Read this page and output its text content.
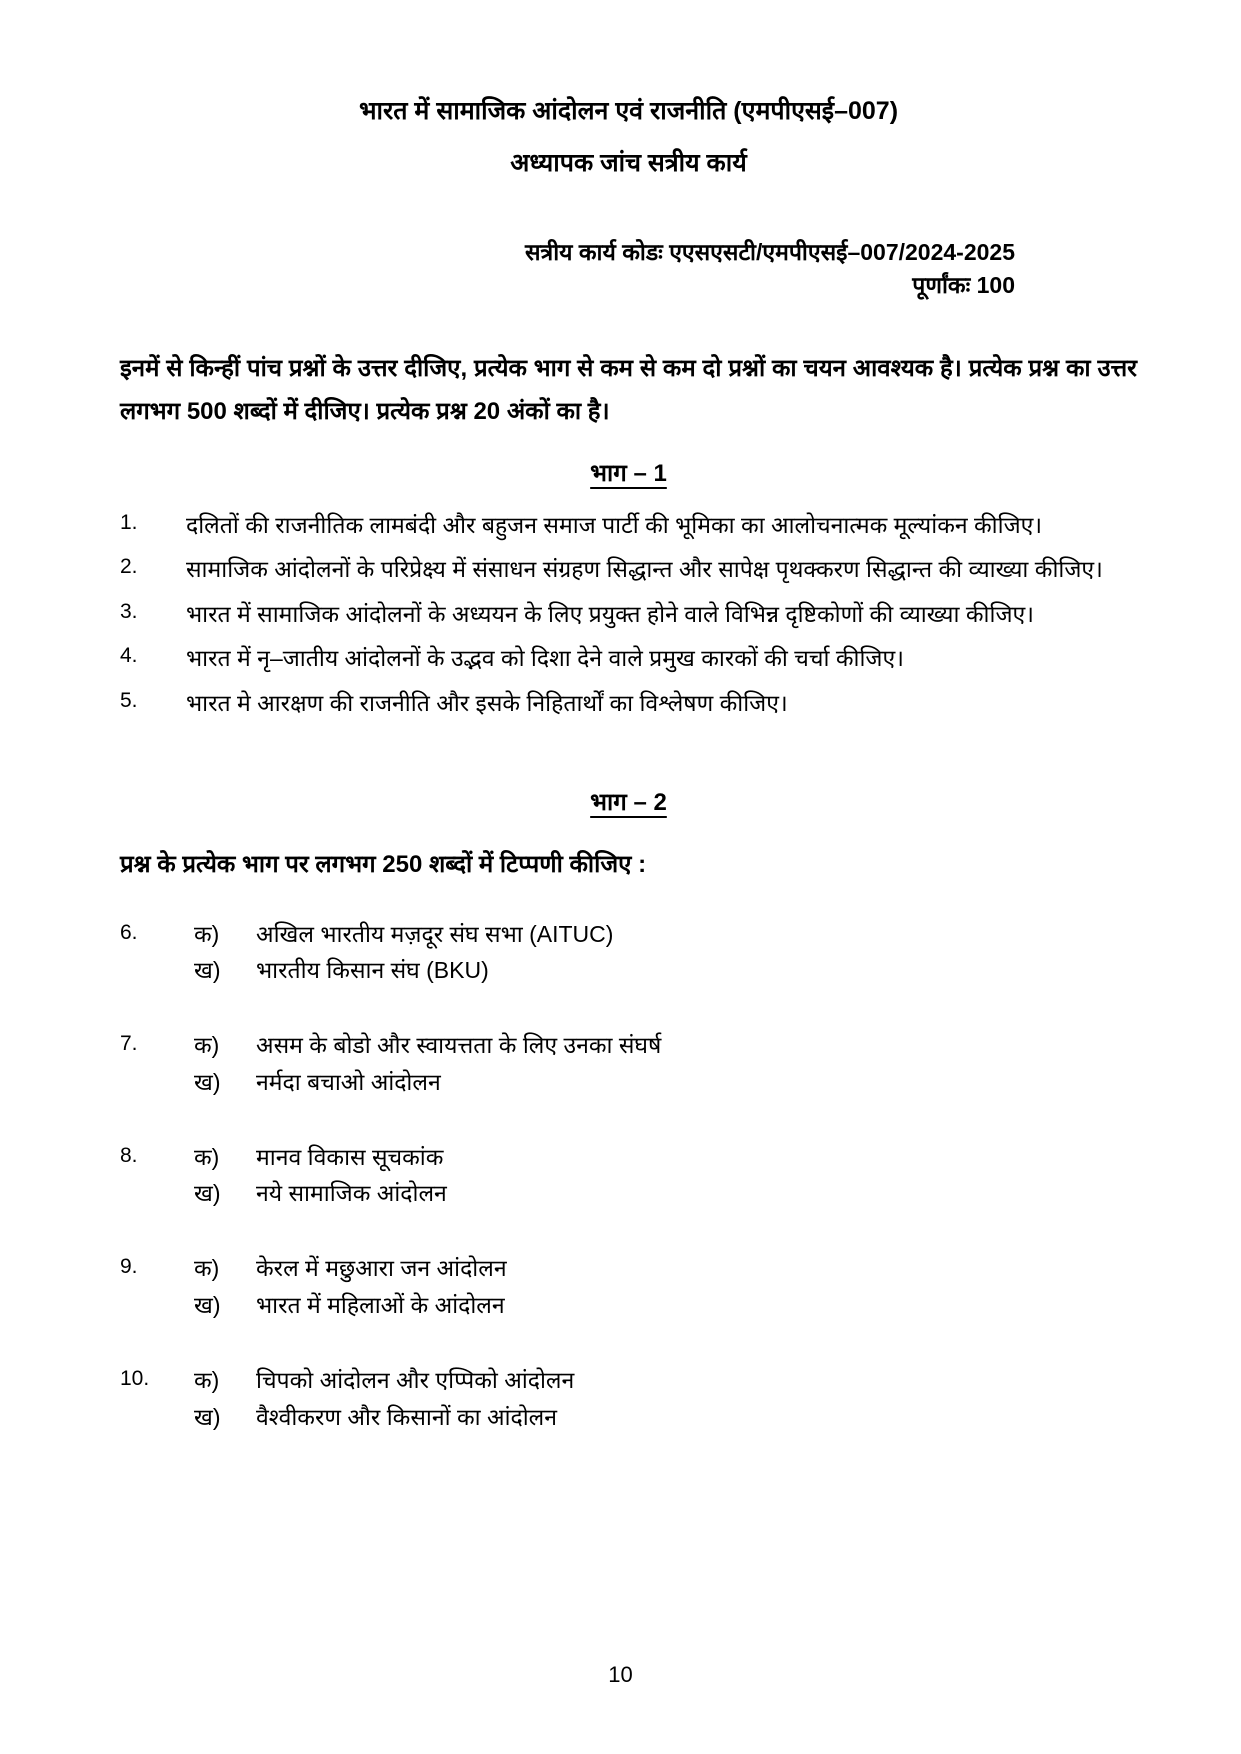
भारत में सामाजिक आंदोलन एवं राजनीति (एमपीएसई–007)
अध्यापक जांच सत्रीय कार्य
सत्रीय कार्य कोडः एएसएसटी/एमपीएसई–007/2024-2025
पूर्णांकः 100
इनमें से किन्हीं पांच प्रश्नों के उत्तर दीजिए, प्रत्येक भाग से कम से कम दो प्रश्नों का चयन आवश्यक है। प्रत्येक प्रश्न का उत्तर लगभग 500 शब्दों में दीजिए। प्रत्येक प्रश्न 20 अंकों का है।
भाग – 1
1.	दलितों की राजनीतिक लामबंदी और बहुजन समाज पार्टी की भूमिका का आलोचनात्मक मूल्यांकन कीजिए।
2.	सामाजिक आंदोलनों के परिप्रेक्ष्य में संसाधन संग्रहण सिद्धान्त और सापेक्ष पृथक्करण सिद्धान्त की व्याख्या कीजिए।
3.	भारत में सामाजिक आंदोलनों के अध्ययन के लिए प्रयुक्त होने वाले विभिन्न दृष्टिकोणों की व्याख्या कीजिए।
4.	भारत में नृ–जातीय आंदोलनों के उद्भव को दिशा देने वाले प्रमुख कारकों की चर्चा कीजिए।
5.	भारत मे आरक्षण की राजनीति और इसके निहितार्थों का विश्लेषण कीजिए।
भाग – 2
प्रश्न के प्रत्येक भाग पर लगभग 250 शब्दों में टिप्पणी कीजिए :
6.	क)	अखिल भारतीय मज़दूर संघ सभा (AITUC)
ख)	भारतीय किसान संघ (BKU)
7.	क)	असम के बोडो और स्वायत्तता के लिए उनका संघर्ष
ख)	नर्मदा बचाओ आंदोलन
8.	क)	मानव विकास सूचकांक
ख)	नये सामाजिक आंदोलन
9.	क)	केरल में मछुआरा जन आंदोलन
ख)	भारत में महिलाओं के आंदोलन
10.	क)	चिपको आंदोलन और एप्पिको आंदोलन
ख)	वैश्वीकरण और किसानों का आंदोलन
10
